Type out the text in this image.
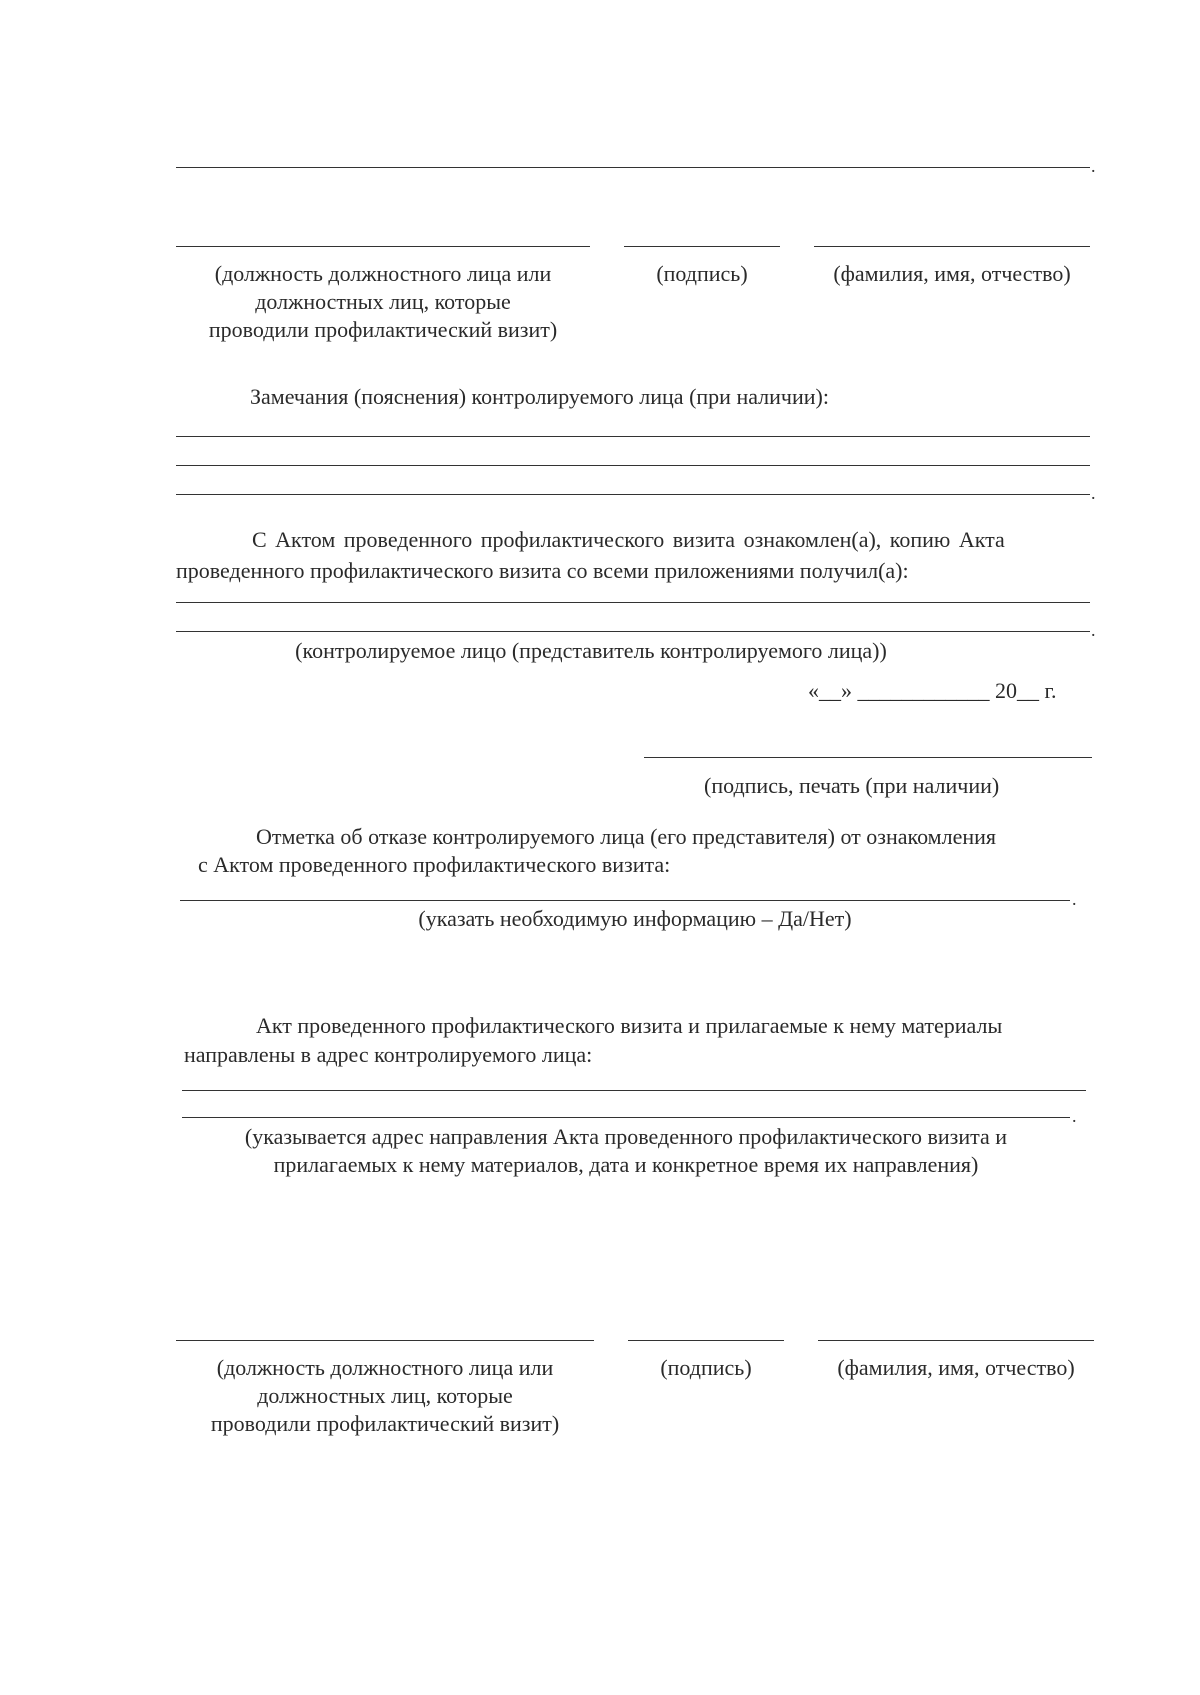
.
(должность должностного лица или
должностных лиц, которые
проводили профилактический визит)
(подпись)	(фамилия, имя, отчество)
Замечания (пояснения) контролируемого лица (при наличии):
.
С Актом проведенного профилактического визита ознакомлен(а), копию Акта
проведенного профилактического визита со всеми приложениями получил(а):
.
(контролируемое лицо (представитель контролируемого лица))
«__» ____________ 20__ г.
(подпись, печать (при наличии)
Отметка об отказе контролируемого лица (его представителя) от ознакомления
с Актом проведенного профилактического визита:
.
(указать необходимую информацию – Да/Нет)
Акт проведенного профилактического визита и прилагаемые к нему материалы
направлены в адрес контролируемого лица:
.
(указывается адрес направления Акта проведенного профилактического визита и
прилагаемых к нему материалов, дата и конкретное время их направления)
(должность должностного лица или
должностных лиц, которые
проводили профилактический визит)
(подпись)	(фамилия, имя, отчество)
